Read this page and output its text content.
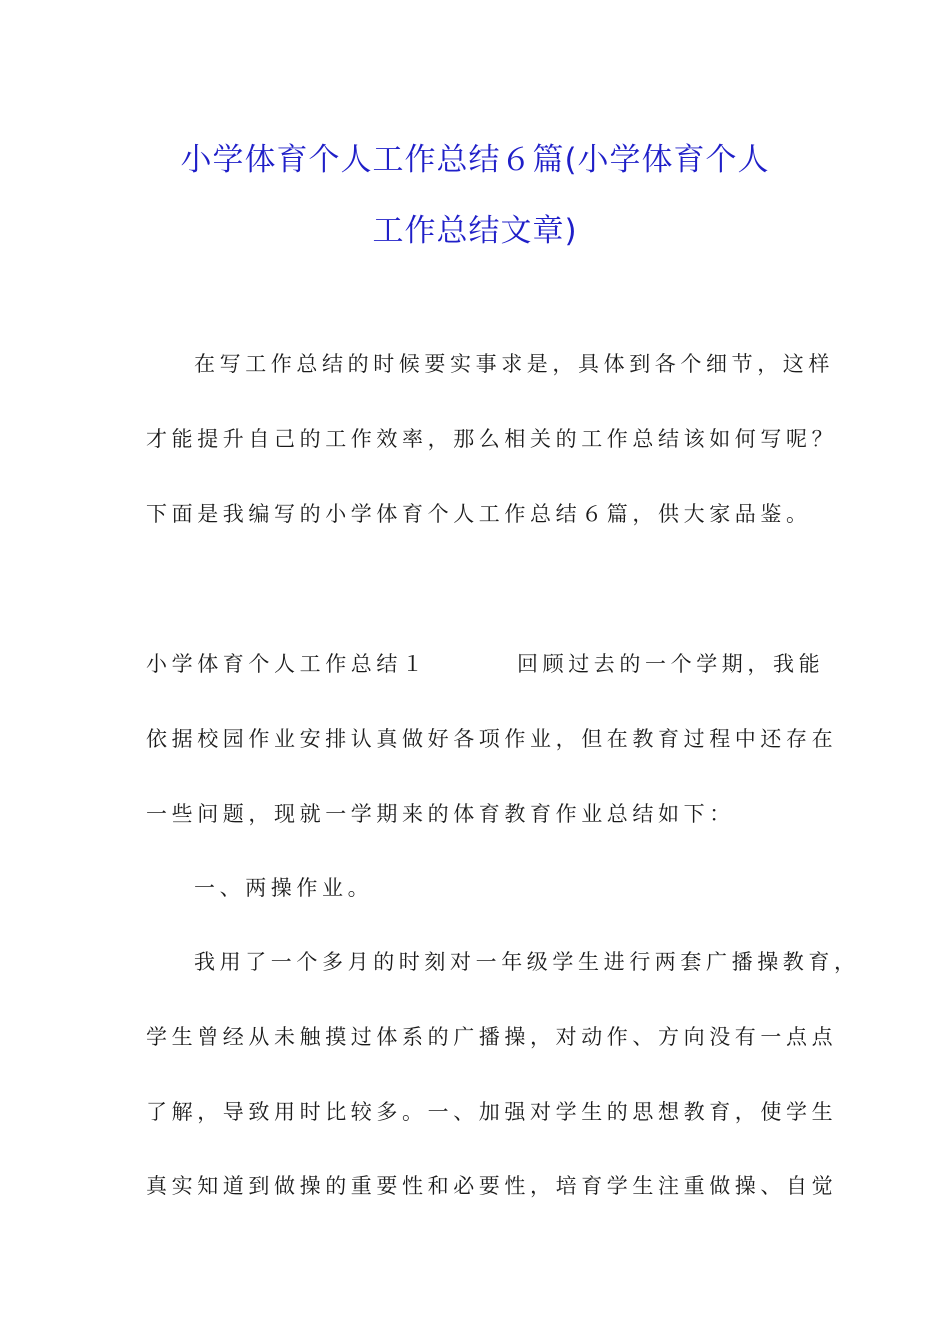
小学体育个人工作总结６篇(小学体育个人
工作总结文章)
在写工作总结的时候要实事求是，具体到各个细节，这样
才能提升自己的工作效率，那么相关的工作总结该如何写呢？
下面是我编写的小学体育个人工作总结６篇，供大家品鉴。
小学体育个人工作总结１	回顾过去的一个学期，我能
依据校园作业安排认真做好各项作业，但在教育过程中还存在
一些问题，现就一学期来的体育教育作业总结如下：
一、两操作业。
我用了一个多月的时刻对一年级学生进行两套广播操教育，
学生曾经从未触摸过体系的广播操，对动作、方向没有一点点
了解，导致用时比较多。一、加强对学生的思想教育，使学生
真实知道到做操的重要性和必要性，培育学生注重做操、自觉
